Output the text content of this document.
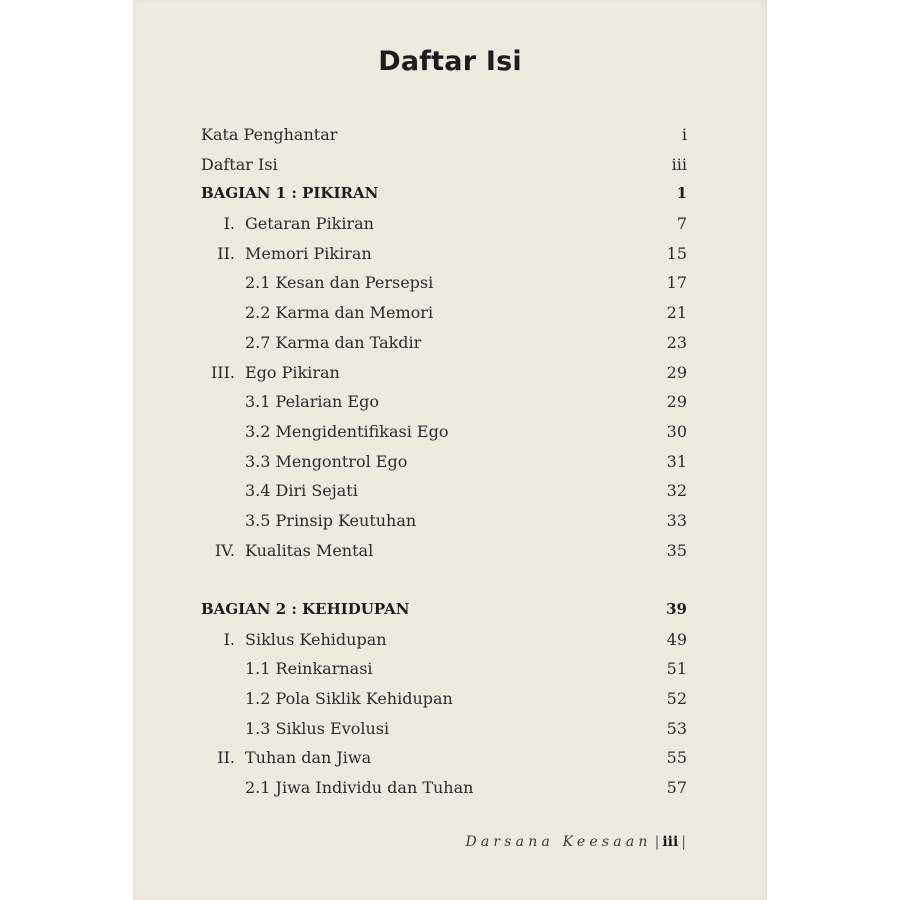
Daftar Isi
Kata Penghantar	i
Daftar Isi	iii
BAGIAN 1 : PIKIRAN	1
I. Getaran Pikiran	7
II. Memori Pikiran	15
2.1 Kesan dan Persepsi	17
2.2 Karma dan Memori	21
2.7 Karma dan Takdir	23
III. Ego Pikiran	29
3.1 Pelarian Ego	29
3.2 Mengidentifikasi Ego	30
3.3 Mengontrol Ego	31
3.4 Diri Sejati	32
3.5 Prinsip Keutuhan	33
IV. Kualitas Mental	35
BAGIAN 2 : KEHIDUPAN	39
I. Siklus Kehidupan	49
1.1 Reinkarnasi	51
1.2 Pola Siklik Kehidupan	52
1.3 Siklus Evolusi	53
II. Tuhan dan Jiwa	55
2.1 Jiwa Individu dan Tuhan	57
Darsana Keesaan | iii |
